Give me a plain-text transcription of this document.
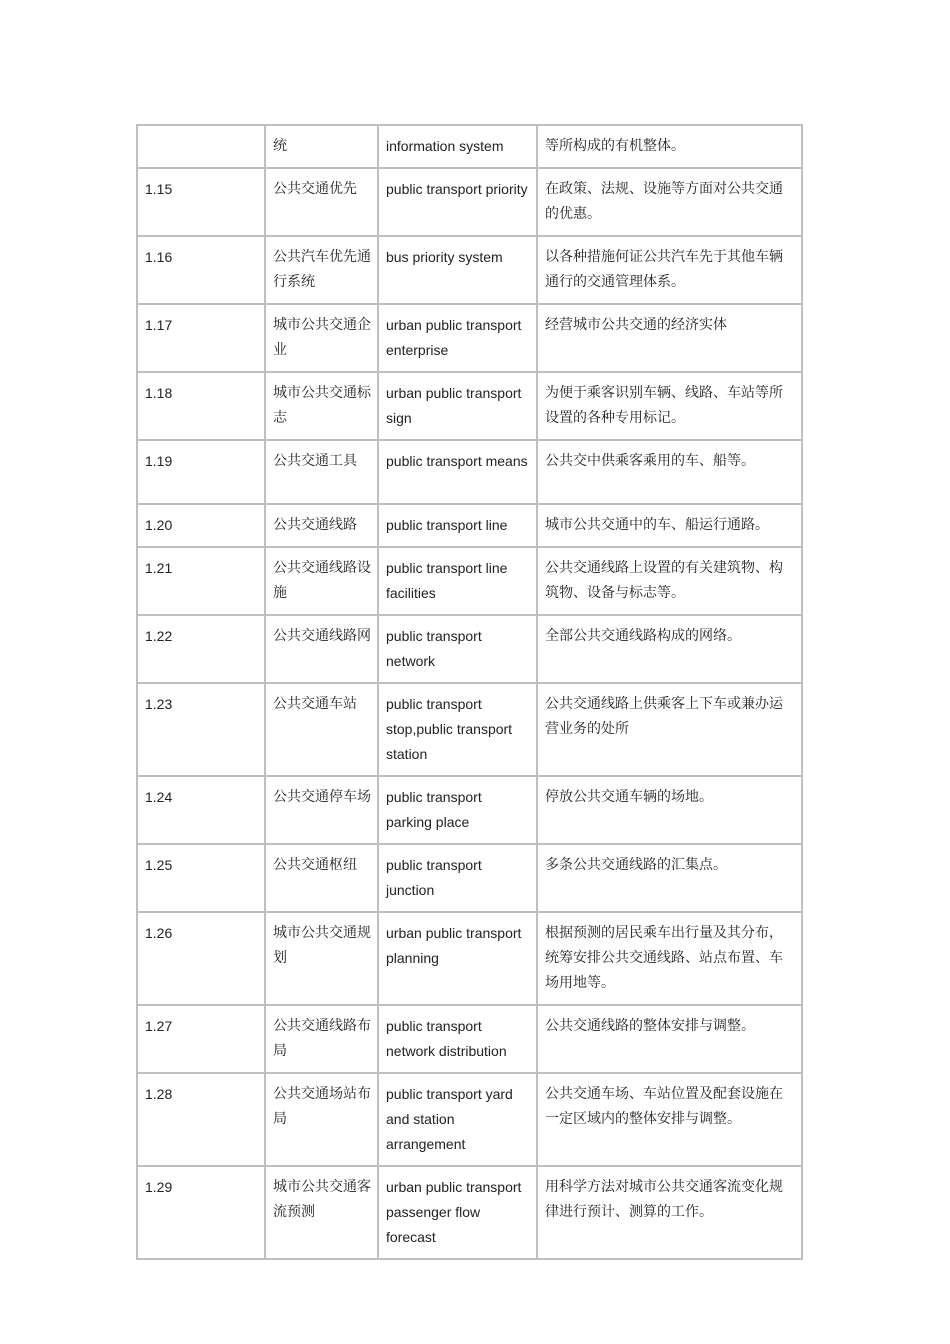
	统	information system	等所构成的有机整体。
1.15	公共交通优先	public transport priority	在政策、法规、设施等方面对公共交通的优惠。
1.16	公共汽车优先通行系统	bus priority system	以各种措施何证公共汽车先于其他车辆通行的交通管理体系。
1.17	城市公共交通企业	urban public transport enterprise	经营城市公共交通的经济实体
1.18	城市公共交通标志	urban public transport sign	为便于乘客识别车辆、线路、车站等所设置的各种专用标记。
1.19	公共交通工具	public transport means	公共交中供乘客乘用的车、船等。
1.20	公共交通线路	public transport line	城市公共交通中的车、船运行通路。
1.21	公共交通线路设施	public transport line facilities	公共交通线路上设置的有关建筑物、构筑物、设备与标志等。
1.22	公共交通线路网	public transport network	全部公共交通线路构成的网络。
1.23	公共交通车站	public transport stop,public transport station	公共交通线路上供乘客上下车或兼办运营业务的处所
1.24	公共交通停车场	public transport parking place	停放公共交通车辆的场地。
1.25	公共交通枢纽	public transport junction	多条公共交通线路的汇集点。
1.26	城市公共交通规划	urban public transport planning	根据预测的居民乘车出行量及其分布，统筹安排公共交通线路、站点布置、车场用地等。
1.27	公共交通线路布局	public transport network distribution	公共交通线路的整体安排与调整。
1.28	公共交通场站布局	public transport yard and station arrangement	公共交通车场、车站位置及配套设施在一定区域内的整体安排与调整。
1.29	城市公共交通客流预测	urban public transport passenger flow forecast	用科学方法对城市公共交通客流变化规律进行预计、测算的工作。
